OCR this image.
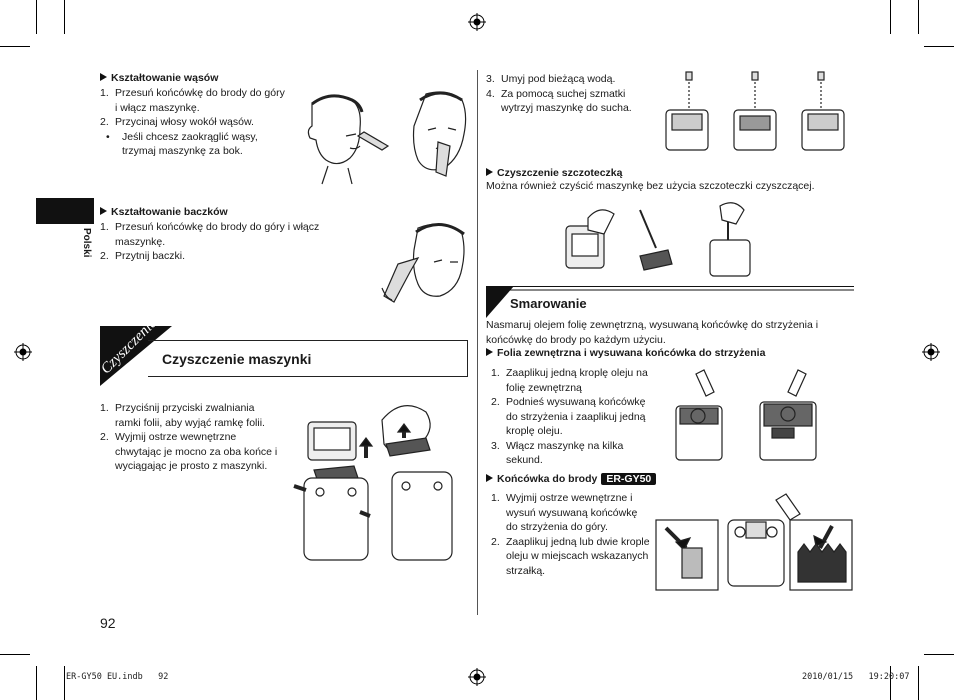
Polski
Kształtowanie wąsów
1. Przesuń końcówkę do brody do góry i włącz maszynkę.
2. Przycinaj włosy wokół wąsów.
• Jeśli chcesz zaokrąglić wąsy, trzymaj maszynkę za bok.
Kształtowanie baczków
1. Przesuń końcówkę do brody do góry i włącz maszynkę.
2. Przytnij baczki.
Czyszczenie Czyszczenie maszynki
1. Przyciśnij przyciski zwalniania ramki folii, aby wyjąć ramkę folii.
2. Wyjmij ostrze wewnętrzne chwytając je mocno za oba końce i wyciągając je prosto z maszynki.
92
3. Umyj pod bieżącą wodą.
4. Za pomocą suchej szmatki wytrzyj maszynkę do sucha.
Czyszczenie szczoteczką
Można również czyścić maszynkę bez użycia szczoteczki czyszczącej.
Smarowanie
Nasmaruj olejem folię zewnętrzną, wysuwaną końcówkę do strzyżenia i końcówkę do brody po każdym użyciu.
Folia zewnętrzna i wysuwana końcówka do strzyżenia
1. Zaaplikuj jedną kroplę oleju na folię zewnętrzną
2. Podnieś wysuwaną końcówkę do strzyżenia i zaaplikuj jedną kroplę oleju.
3. Włącz maszynkę na kilka sekund.
Końcówka do brody ER-GY50
1. Wyjmij ostrze wewnętrzne i wysuń wysuwaną końcówkę do strzyżenia do góry.
2. Zaaplikuj jedną lub dwie krople oleju w miejscach wskazanych strzałką.
ER-GY50 EU.indb 92	2010/01/15 19:20:07
